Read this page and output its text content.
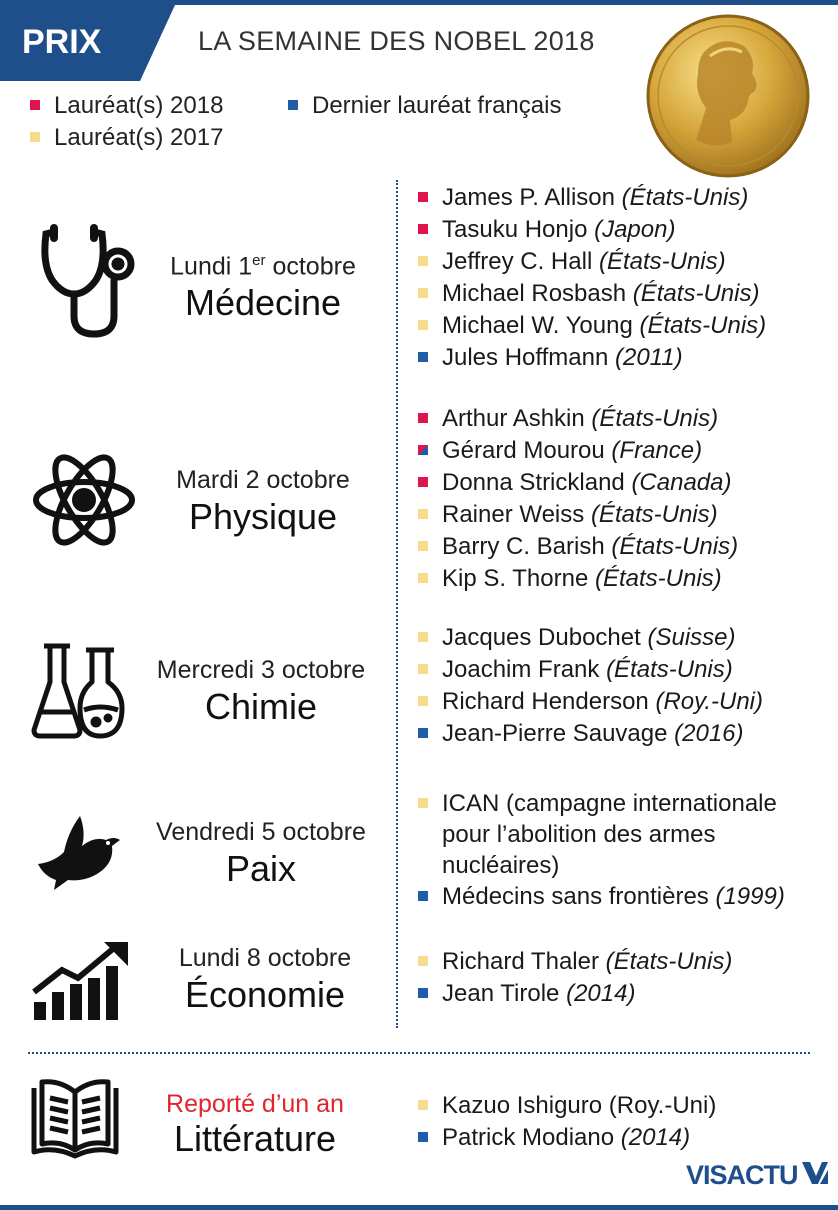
PRIX	LA SEMAINE DES NOBEL 2018
Lauréat(s) 2018
Lauréat(s) 2017
Dernier lauréat français
Lundi 1er octobre
Médecine
James P. Allison (États-Unis)
Tasuku Honjo (Japon)
Jeffrey C. Hall (États-Unis)
Michael Rosbash (États-Unis)
Michael W. Young (États-Unis)
Jules Hoffmann (2011)
Mardi 2 octobre
Physique
Arthur Ashkin (États-Unis)
Gérard Mourou (France)
Donna Strickland (Canada)
Rainer Weiss (États-Unis)
Barry C. Barish (États-Unis)
Kip S. Thorne (États-Unis)
Mercredi 3 octobre
Chimie
Jacques Dubochet (Suisse)
Joachim Frank (États-Unis)
Richard Henderson (Roy.-Uni)
Jean-Pierre Sauvage (2016)
Vendredi 5 octobre
Paix
ICAN (campagne internationale pour l’abolition des armes nucléaires)
Médecins sans frontières (1999)
Lundi 8 octobre
Économie
Richard Thaler (États-Unis)
Jean Tirole (2014)
Reporté d’un an
Littérature
Kazuo Ishiguro (Roy.-Uni)
Patrick Modiano (2014)
VISACTU
